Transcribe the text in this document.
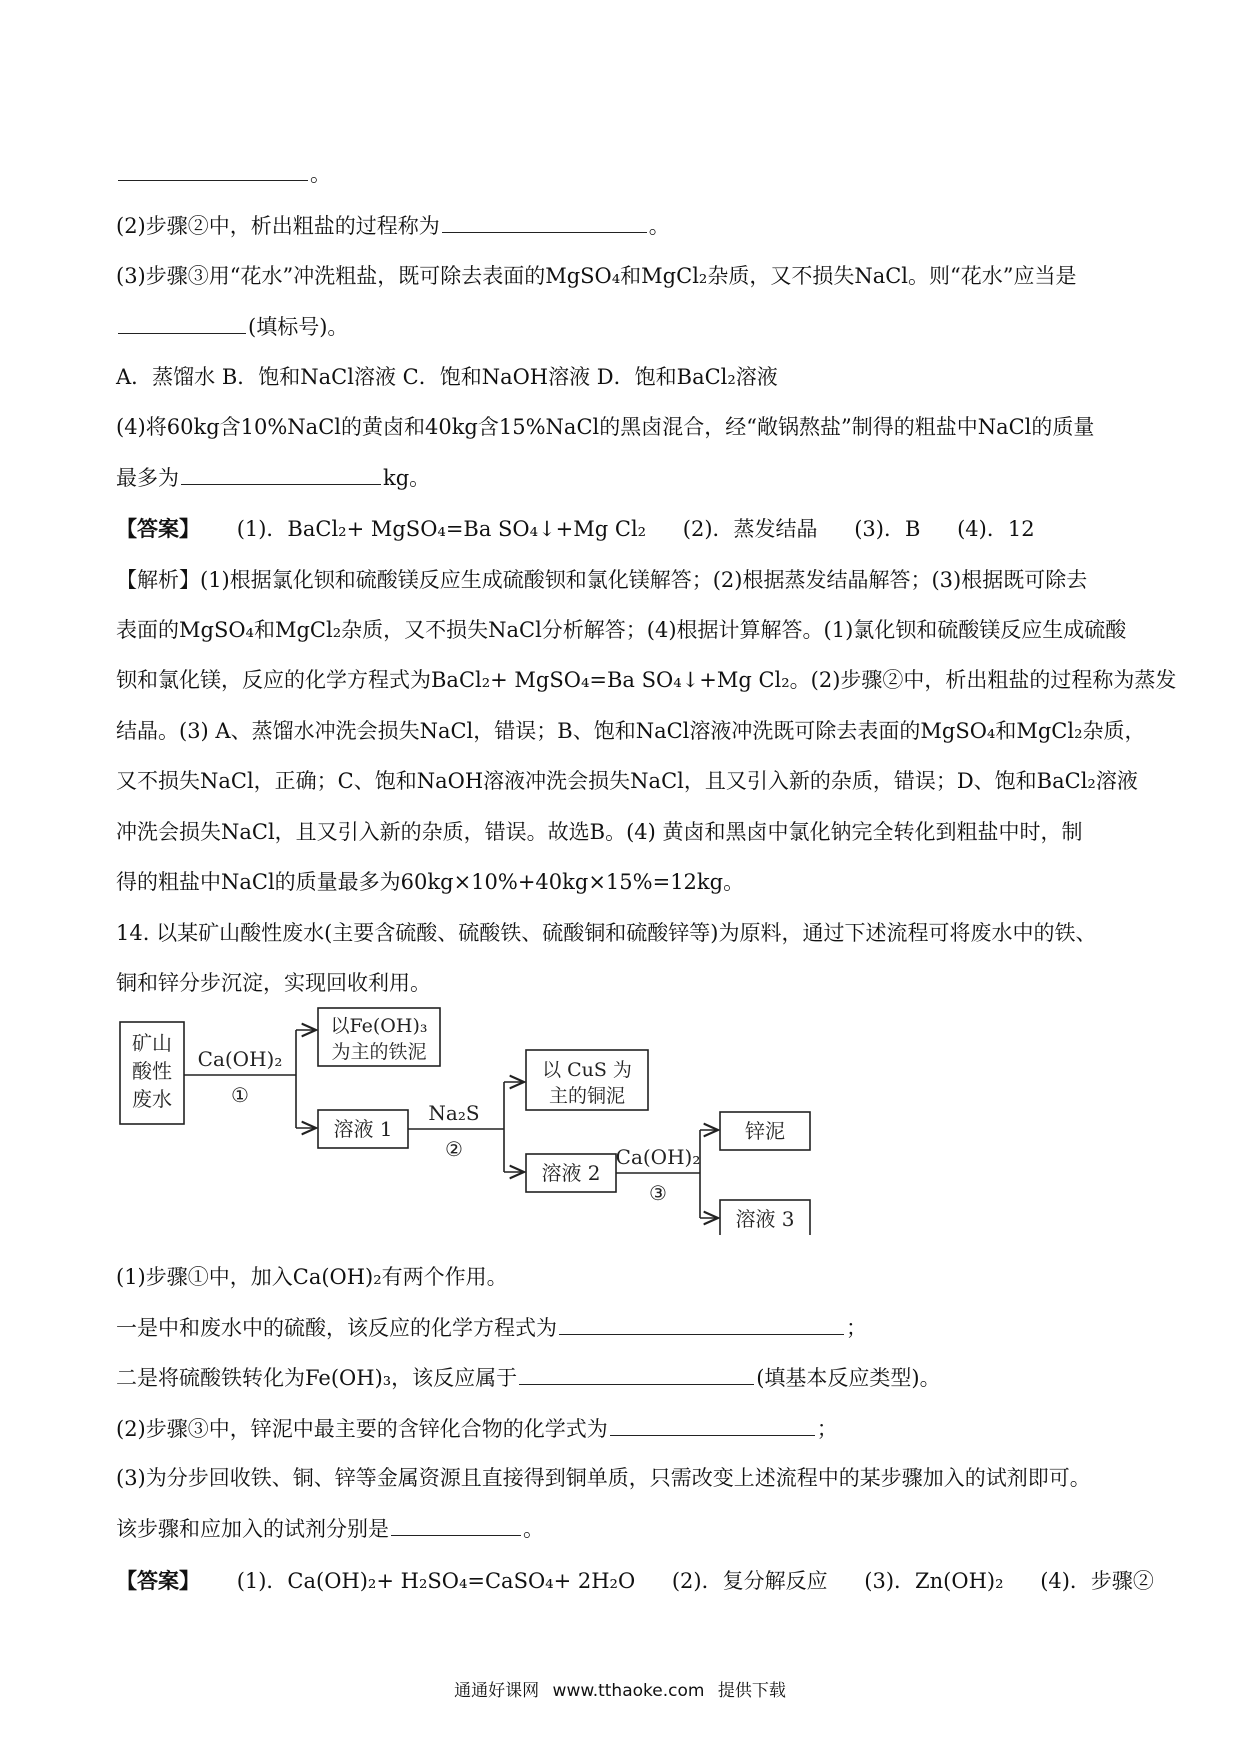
。
(2)步骤②中，析出粗盐的过程称为	。
(3)步骤③用“花水”冲洗粗盐，既可除去表面的MgSO₄和MgCl₂杂质，又不损失NaCl。则“花水”应当是
(填标号)。
A．蒸馏水 B．饱和NaCl溶液 C．饱和NaOH溶液 D．饱和BaCl₂溶液
(4)将60kg含10%NaCl的黄卤和40kg含15%NaCl的黑卤混合，经“敞锅熬盐”制得的粗盐中NaCl的质量
最多为	kg。
【答案】 (1)．BaCl₂+ MgSO₄=Ba SO₄↓+Mg Cl₂ (2)．蒸发结晶 (3)．B (4)．12
【解析】(1)根据氯化钡和硫酸镁反应生成硫酸钡和氯化镁解答；(2)根据蒸发结晶解答；(3)根据既可除去
表面的MgSO₄和MgCl₂杂质，又不损失NaCl分析解答；(4)根据计算解答。(1)氯化钡和硫酸镁反应生成硫酸
钡和氯化镁，反应的化学方程式为BaCl₂+ MgSO₄=Ba SO₄↓+Mg Cl₂。(2)步骤②中，析出粗盐的过程称为蒸发
结晶。(3) A、蒸馏水冲洗会损失NaCl，错误；B、饱和NaCl溶液冲洗既可除去表面的MgSO₄和MgCl₂杂质，
又不损失NaCl，正确；C、饱和NaOH溶液冲洗会损失NaCl，且又引入新的杂质，错误；D、饱和BaCl₂溶液
冲洗会损失NaCl，且又引入新的杂质，错误。故选B。(4) 黄卤和黑卤中氯化钠完全转化到粗盐中时，制
得的粗盐中NaCl的质量最多为60kg×10%+40kg×15%=12kg。
14. 以某矿山酸性废水(主要含硫酸、硫酸铁、硫酸铜和硫酸锌等)为原料，通过下述流程可将废水中的铁、
铜和锌分步沉淀，实现回收利用。
矿山
酸性
废水
Ca(OH)₂
①
以Fe(OH)₃
为主的铁泥
溶液 1
Na₂S
②
以 CuS 为
主的铜泥
溶液 2
Ca(OH)₂
③
锌泥
溶液 3
(1)步骤①中，加入Ca(OH)₂有两个作用。
一是中和废水中的硫酸，该反应的化学方程式为	；
二是将硫酸铁转化为Fe(OH)₃，该反应属于	(填基本反应类型)。
(2)步骤③中，锌泥中最主要的含锌化合物的化学式为	；
(3)为分步回收铁、铜、锌等金属资源且直接得到铜单质，只需改变上述流程中的某步骤加入的试剂即可。
该步骤和应加入的试剂分别是	。
【答案】 (1)．Ca(OH)₂+ H₂SO₄=CaSO₄+ 2H₂O (2)．复分解反应 (3)．Zn(OH)₂ (4)．步骤②
通通好课网 www.tthaoke.com 提供下载
